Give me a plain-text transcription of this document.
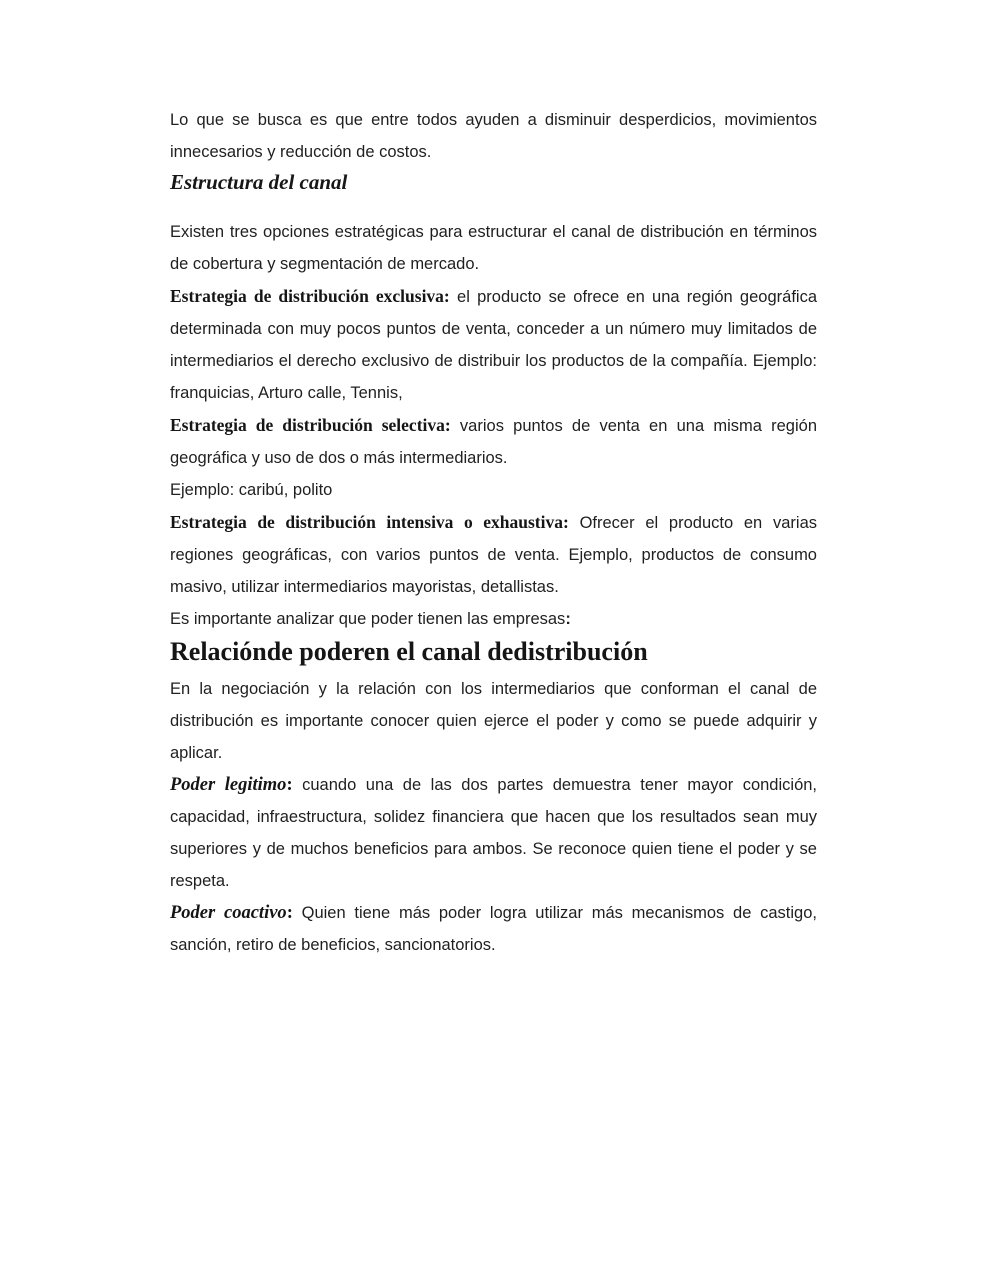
Lo que se busca es que entre todos ayuden a disminuir desperdicios, movimientos innecesarios y reducción de costos.

Estructura del canal

Existen tres opciones estratégicas para estructurar el canal de distribución en términos de cobertura y segmentación de mercado.

Estrategia de distribución exclusiva: el producto se ofrece en una región geográfica determinada con muy pocos puntos de venta, conceder a un número muy limitados de intermediarios el derecho exclusivo de distribuir los productos de la compañía. Ejemplo: franquicias, Arturo calle, Tennis,

Estrategia de distribución selectiva: varios puntos de venta en una misma región geográfica y uso de dos o más intermediarios.
Ejemplo: caribú, polito

Estrategia de distribución intensiva o exhaustiva: Ofrecer el producto en varias regiones geográficas, con varios puntos de venta. Ejemplo, productos de consumo masivo, utilizar intermediarios mayoristas, detallistas.

Es importante analizar que poder tienen las empresas:

Relaciónde poderen el canal dedistribución

En la negociación y la relación con los intermediarios que conforman el canal de distribución es importante conocer quien ejerce el poder y como se puede adquirir y aplicar.

Poder legitimo: cuando una de las dos partes demuestra tener mayor condición, capacidad, infraestructura, solidez financiera que hacen que los resultados sean muy superiores y de muchos beneficios para ambos. Se reconoce quien tiene el poder y se respeta.

Poder coactivo: Quien tiene más poder logra utilizar más mecanismos de castigo, sanción, retiro de beneficios, sancionatorios.
